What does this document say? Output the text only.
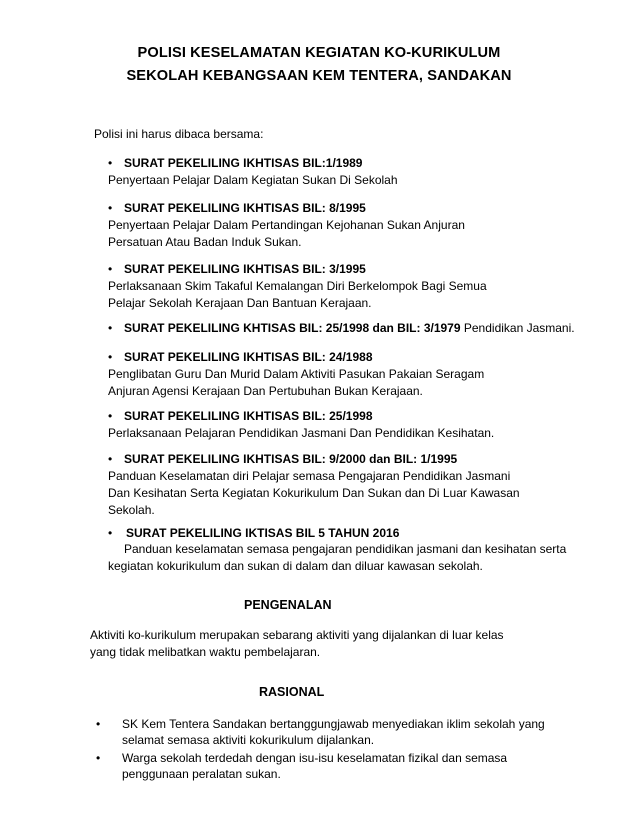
POLISI KESELAMATAN KEGIATAN KO-KURIKULUM
SEKOLAH KEBANGSAAN KEM TENTERA, SANDAKAN
Polisi ini harus dibaca bersama:
• SURAT PEKELILING IKHTISAS BIL:1/1989
Penyertaan Pelajar Dalam Kegiatan Sukan Di Sekolah
• SURAT PEKELILING IKHTISAS BIL: 8/1995
Penyertaan Pelajar Dalam Pertandingan Kejohanan Sukan Anjuran
Persatuan Atau Badan Induk Sukan.
• SURAT PEKELILING IKHTISAS BIL: 3/1995
Perlaksanaan Skim Takaful Kemalangan Diri Berkelompok Bagi Semua
Pelajar Sekolah Kerajaan Dan Bantuan Kerajaan.
• SURAT PEKELILING KHTISAS BIL: 25/1998 dan BIL: 3/1979 Pendidikan Jasmani.
• SURAT PEKELILING IKHTISAS BIL: 24/1988
Penglibatan Guru Dan Murid Dalam Aktiviti Pasukan Pakaian Seragam
Anjuran Agensi Kerajaan Dan Pertubuhan Bukan Kerajaan.
• SURAT PEKELILING IKHTISAS BIL: 25/1998
Perlaksanaan Pelajaran Pendidikan Jasmani Dan Pendidikan Kesihatan.
• SURAT PEKELILING IKHTISAS BIL: 9/2000 dan BIL: 1/1995
Panduan Keselamatan diri Pelajar semasa Pengajaran Pendidikan Jasmani
Dan Kesihatan Serta Kegiatan Kokurikulum Dan Sukan dan Di Luar Kawasan
Sekolah.
• SURAT PEKELILING IKTISAS BIL 5 TAHUN 2016
Panduan keselamatan semasa pengajaran pendidikan jasmani dan kesihatan serta
kegiatan kokurikulum dan sukan di dalam dan diluar kawasan sekolah.
PENGENALAN
Aktiviti ko-kurikulum merupakan sebarang aktiviti yang dijalankan di luar kelas
yang tidak melibatkan waktu pembelajaran.
RASIONAL
• SK Kem Tentera Sandakan bertanggungjawab menyediakan iklim sekolah yang
selamat semasa aktiviti kokurikulum dijalankan.
• Warga sekolah terdedah dengan isu-isu keselamatan fizikal dan semasa
penggunaan peralatan sukan.
